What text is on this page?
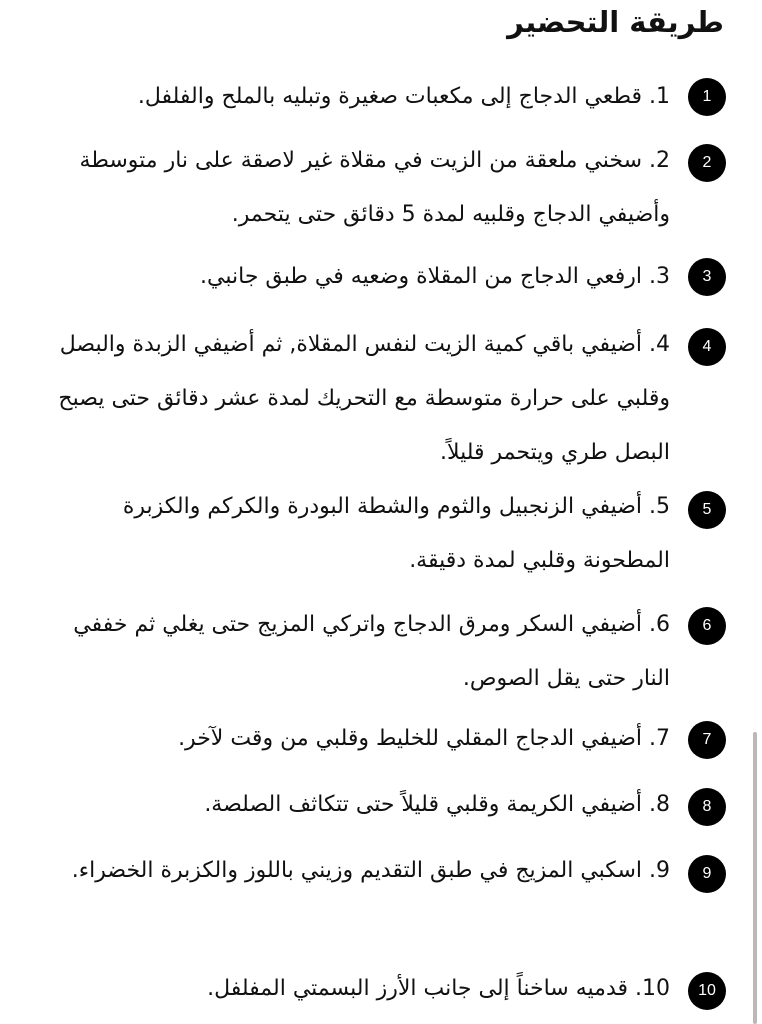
طريقة التحضير
1

1. قطعي الدجاج إلى مكعبات صغيرة وتبليه بالملح والفلفل.

2

2. سخني ملعقة من الزيت في مقلاة غير لاصقة على نار متوسطة وأضيفي الدجاج وقلبيه لمدة 5 دقائق حتى يتحمر.

3

3. ارفعي الدجاج من المقلاة وضعيه في طبق جانبي.

4

4. أضيفي باقي كمية الزيت لنفس المقلاة, ثم أضيفي الزبدة والبصل وقلبي على حرارة متوسطة مع التحريك لمدة عشر دقائق حتى يصبح البصل طري ويتحمر قليلاً.

5

5. أضيفي الزنجبيل والثوم والشطة البودرة والكركم والكزبرة المطحونة وقلبي لمدة دقيقة.

6

6. أضيفي السكر ومرق الدجاج واتركي المزيج حتى يغلي ثم خففي النار حتى يقل الصوص.

7

7. أضيفي الدجاج المقلي للخليط وقلبي من وقت لآخر.

8

8. أضيفي الكريمة وقلبي قليلاً حتى تتكاثف الصلصة.

9

9. اسكبي المزيج في طبق التقديم وزيني باللوز والكزبرة الخضراء.

10

10. قدميه ساخناً إلى جانب الأرز البسمتي المفلفل.
